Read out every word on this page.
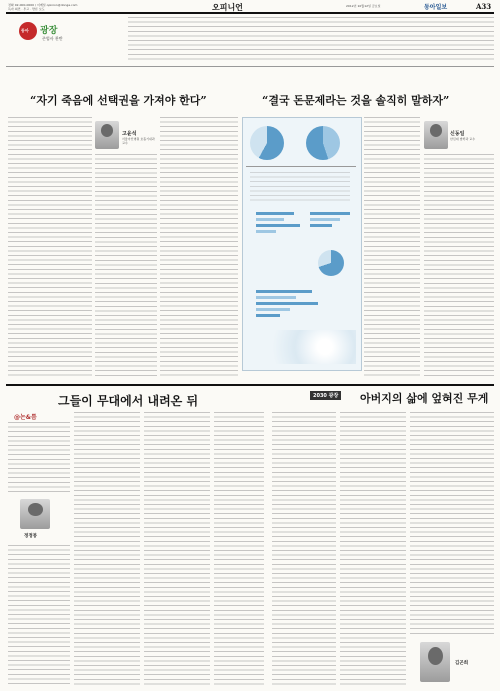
전화 02-000-0000 / 이메일 opinion@donga.com
독자 의견 · 투고 · 반론 보도	오피니언	2012년 10월12일 금요일	동아일보	A33
동아 광장
존엄사 찬반
“자기 죽음에 선택권을 가져야 한다”	“결국 돈문제라는 것을 솔직히 말하자”
고윤석
서울아산병원 호흡기내과 교수
신동일
한림대 법학과 교수
그들이 무대에서 내려온 뒤
@논&틈
정정봉
2030 광장 아버지의 삶에 엎혀진 무게
김곤희
